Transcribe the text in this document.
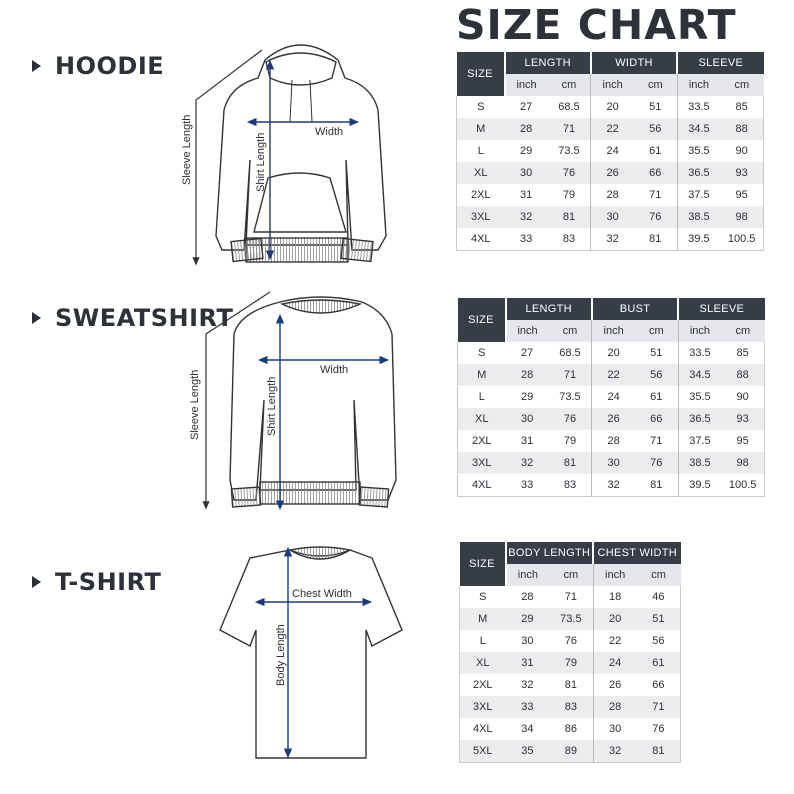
SIZE CHART
HOODIE
SWEATSHIRT
T-SHIRT
Width
Shirt Length
Sleeve Length
Width
Shirt Length
Sleeve Length
Chest Width
Body Length
SIZE	LENGTH		WIDTH		SLEEVE	
	inch	cm	inch	cm	inch	cm
S	27	68.5	20	51	33.5	85
M	28	71	22	56	34.5	88
L	29	73.5	24	61	35.5	90
XL	30	76	26	66	36.5	93
2XL	31	79	28	71	37.5	95
3XL	32	81	30	76	38.5	98
4XL	33	83	32	81	39.5	100.5
SIZE	LENGTH		BUST		SLEEVE	
	inch	cm	inch	cm	inch	cm
S	27	68.5	20	51	33.5	85
M	28	71	22	56	34.5	88
L	29	73.5	24	61	35.5	90
XL	30	76	26	66	36.5	93
2XL	31	79	28	71	37.5	95
3XL	32	81	30	76	38.5	98
4XL	33	83	32	81	39.5	100.5
SIZE	BODY LENGTH		CHEST WIDTH	
	inch	cm	inch	cm
S	28	71	18	46
M	29	73.5	20	51
L	30	76	22	56
XL	31	79	24	61
2XL	32	81	26	66
3XL	33	83	28	71
4XL	34	86	30	76
5XL	35	89	32	81
